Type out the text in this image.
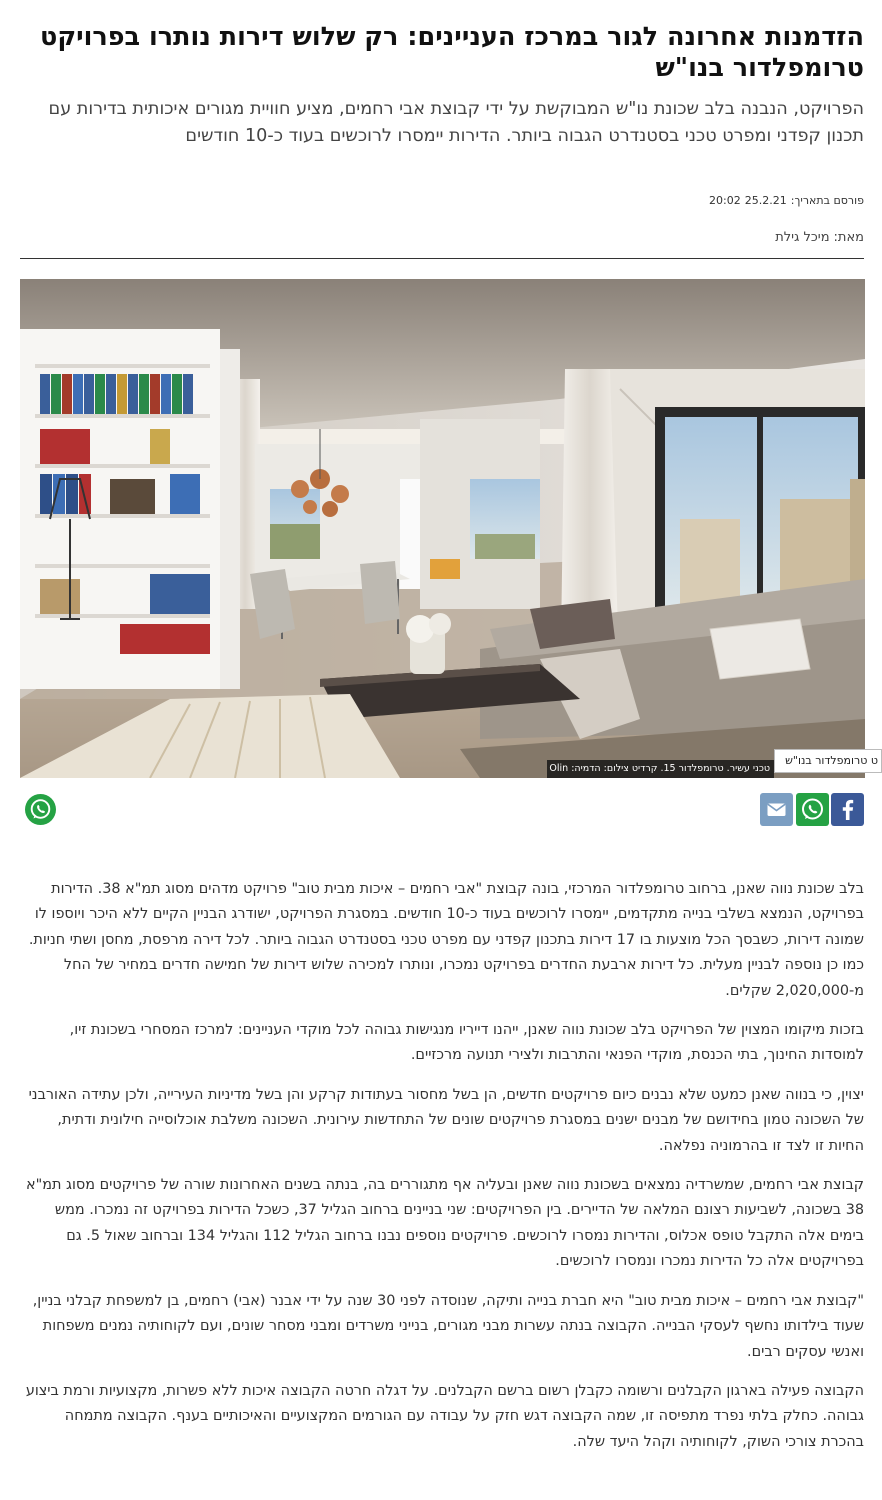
הזדמנות אחרונה לגור במרכז העניינים: רק שלוש דירות נותרו בפרויקט טרומפלדור בנו"ש
הפרויקט, הנבנה בלב שכונת נו"ש המבוקשת על ידי קבוצת אבי רחמים, מציע חוויית מגורים איכותית בדירות עם תכנון קפדני ומפרט טכני בסטנדרט הגבוה ביותר. הדירות יימסרו לרוכשים בעוד כ-10 חודשים
פורסם בתאריך:
25.2.21
20:02
מאת:
מיכל גילת
טכני עשיר. טרומפלדור 15. קרדיט צילום: הדמיה: Olin
ט טרומפלדור בנו"ש

בלב שכונת נווה שאנן, ברחוב טרומפלדור המרכזי, בונה קבוצת "אבי רחמים – איכות מבית טוב" פרויקט מדהים מסוג תמ"א 38. הדירות בפרויקט, הנמצא בשלבי בנייה מתקדמים, יימסרו לרוכשים בעוד כ-10 חודשים. במסגרת הפרויקט, ישודרג הבניין הקיים ללא היכר ויוספו לו שמונה דירות, כשבסך הכל מוצעות בו 17 דירות בתכנון קפדני עם מפרט טכני בסטנדרט הגבוה ביותר. לכל דירה מרפסת, מחסן ושתי חניות. כמו כן נוספה לבניין מעלית. כל דירות ארבעת החדרים בפרויקט נמכרו, ונותרו למכירה שלוש דירות של חמישה חדרים במחיר של החל מ-2,020,000 שקלים.

בזכות מיקומו המצוין של הפרויקט בלב שכונת נווה שאנן, ייהנו דייריו מנגישות גבוהה לכל מוקדי העניינים: למרכז המסחרי בשכונת זיו, למוסדות החינוך, בתי הכנסת, מוקדי הפנאי והתרבות ולצירי תנועה מרכזיים.

יצוין, כי בנווה שאנן כמעט שלא נבנים כיום פרויקטים חדשים, הן בשל מחסור בעתודות קרקע והן בשל מדיניות העירייה, ולכן עתידה האורבני של השכונה טמון בחידושם של מבנים ישנים במסגרת פרויקטים שונים של התחדשות עירונית. השכונה משלבת אוכלוסייה חילונית ודתית, החיות זו לצד זו בהרמוניה נפלאה.

קבוצת אבי רחמים, שמשרדיה נמצאים בשכונת נווה שאנן ובעליה אף מתגוררים בה, בנתה בשנים האחרונות שורה של פרויקטים מסוג תמ"א 38 בשכונה, לשביעות רצונם המלאה של הדיירים. בין הפרויקטים: שני בניינים ברחוב הגליל 37, כשכל הדירות בפרויקט זה נמכרו. ממש בימים אלה התקבל טופס אכלוס, והדירות נמסרו לרוכשים. פרויקטים נוספים נבנו ברחוב הגליל 112 והגליל 134 וברחוב שאול 5. גם בפרויקטים אלה כל הדירות נמכרו ונמסרו לרוכשים.

"קבוצת אבי רחמים – איכות מבית טוב" היא חברת בנייה ותיקה, שנוסדה לפני 30 שנה על ידי אבנר (אבי) רחמים, בן למשפחת קבלני בניין, שעוד בילדותו נחשף לעסקי הבנייה. הקבוצה בנתה עשרות מבני מגורים, בנייני משרדים ומבני מסחר שונים, ועם לקוחותיה נמנים משפחות ואנשי עסקים רבים.

הקבוצה פעילה בארגון הקבלנים ורשומה כקבלן רשום ברשם הקבלנים. על דגלה חרטה הקבוצה איכות ללא פשרות, מקצועיות ורמת ביצוע גבוהה. כחלק בלתי נפרד מתפיסה זו, שמה הקבוצה דגש חזק על עבודה עם הגורמים המקצועיים והאיכותיים בענף. הקבוצה מתמחה בהכרת צורכי השוק, לקוחותיה וקהל היעד שלה.
